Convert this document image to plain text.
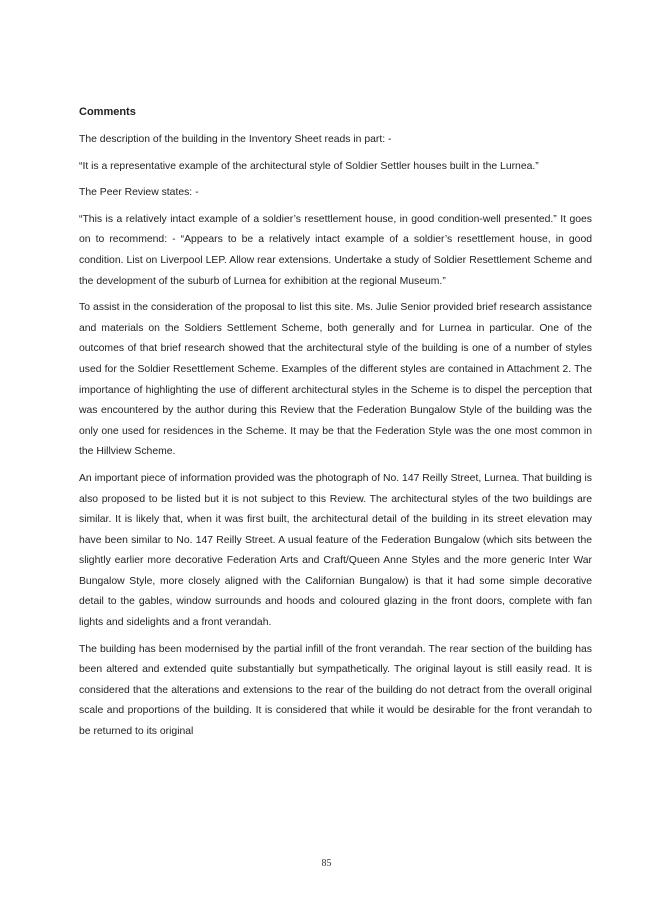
Comments

The description of the building in the Inventory Sheet reads in part: -

“It is a representative example of the architectural style of Soldier Settler houses built in the Lurnea.”

The Peer Review states: -

“This is a relatively intact example of a soldier’s resettlement house, in good condition-well presented.” It goes on to recommend: - “Appears to be a relatively intact example of a soldier’s resettlement house, in good condition. List on Liverpool LEP. Allow rear extensions. Undertake a study of Soldier Resettlement Scheme and the development of the suburb of Lurnea for exhibition at the regional Museum.”

To assist in the consideration of the proposal to list this site. Ms. Julie Senior provided brief research assistance and materials on the Soldiers Settlement Scheme, both generally and for Lurnea in particular. One of the outcomes of that brief research showed that the architectural style of the building is one of a number of styles used for the Soldier Resettlement Scheme. Examples of the different styles are contained in Attachment 2. The importance of highlighting the use of different architectural styles in the Scheme is to dispel the perception that was encountered by the author during this Review that the Federation Bungalow Style of the building was the only one used for residences in the Scheme. It may be that the Federation Style was the one most common in the Hillview Scheme.

An important piece of information provided was the photograph of No. 147 Reilly Street, Lurnea. That building is also proposed to be listed but it is not subject to this Review. The architectural styles of the two buildings are similar. It is likely that, when it was first built, the architectural detail of the building in its street elevation may have been similar to No. 147 Reilly Street. A usual feature of the Federation Bungalow (which sits between the slightly earlier more decorative Federation Arts and Craft/Queen Anne Styles and the more generic Inter War Bungalow Style, more closely aligned with the Californian Bungalow) is that it had some simple decorative detail to the gables, window surrounds and hoods and coloured glazing in the front doors, complete with fan lights and sidelights and a front verandah.

The building has been modernised by the partial infill of the front verandah. The rear section of the building has been altered and extended quite substantially but sympathetically. The original layout is still easily read. It is considered that the alterations and extensions to the rear of the building do not detract from the overall original scale and proportions of the building. It is considered that while it would be desirable for the front verandah to be returned to its original

85
